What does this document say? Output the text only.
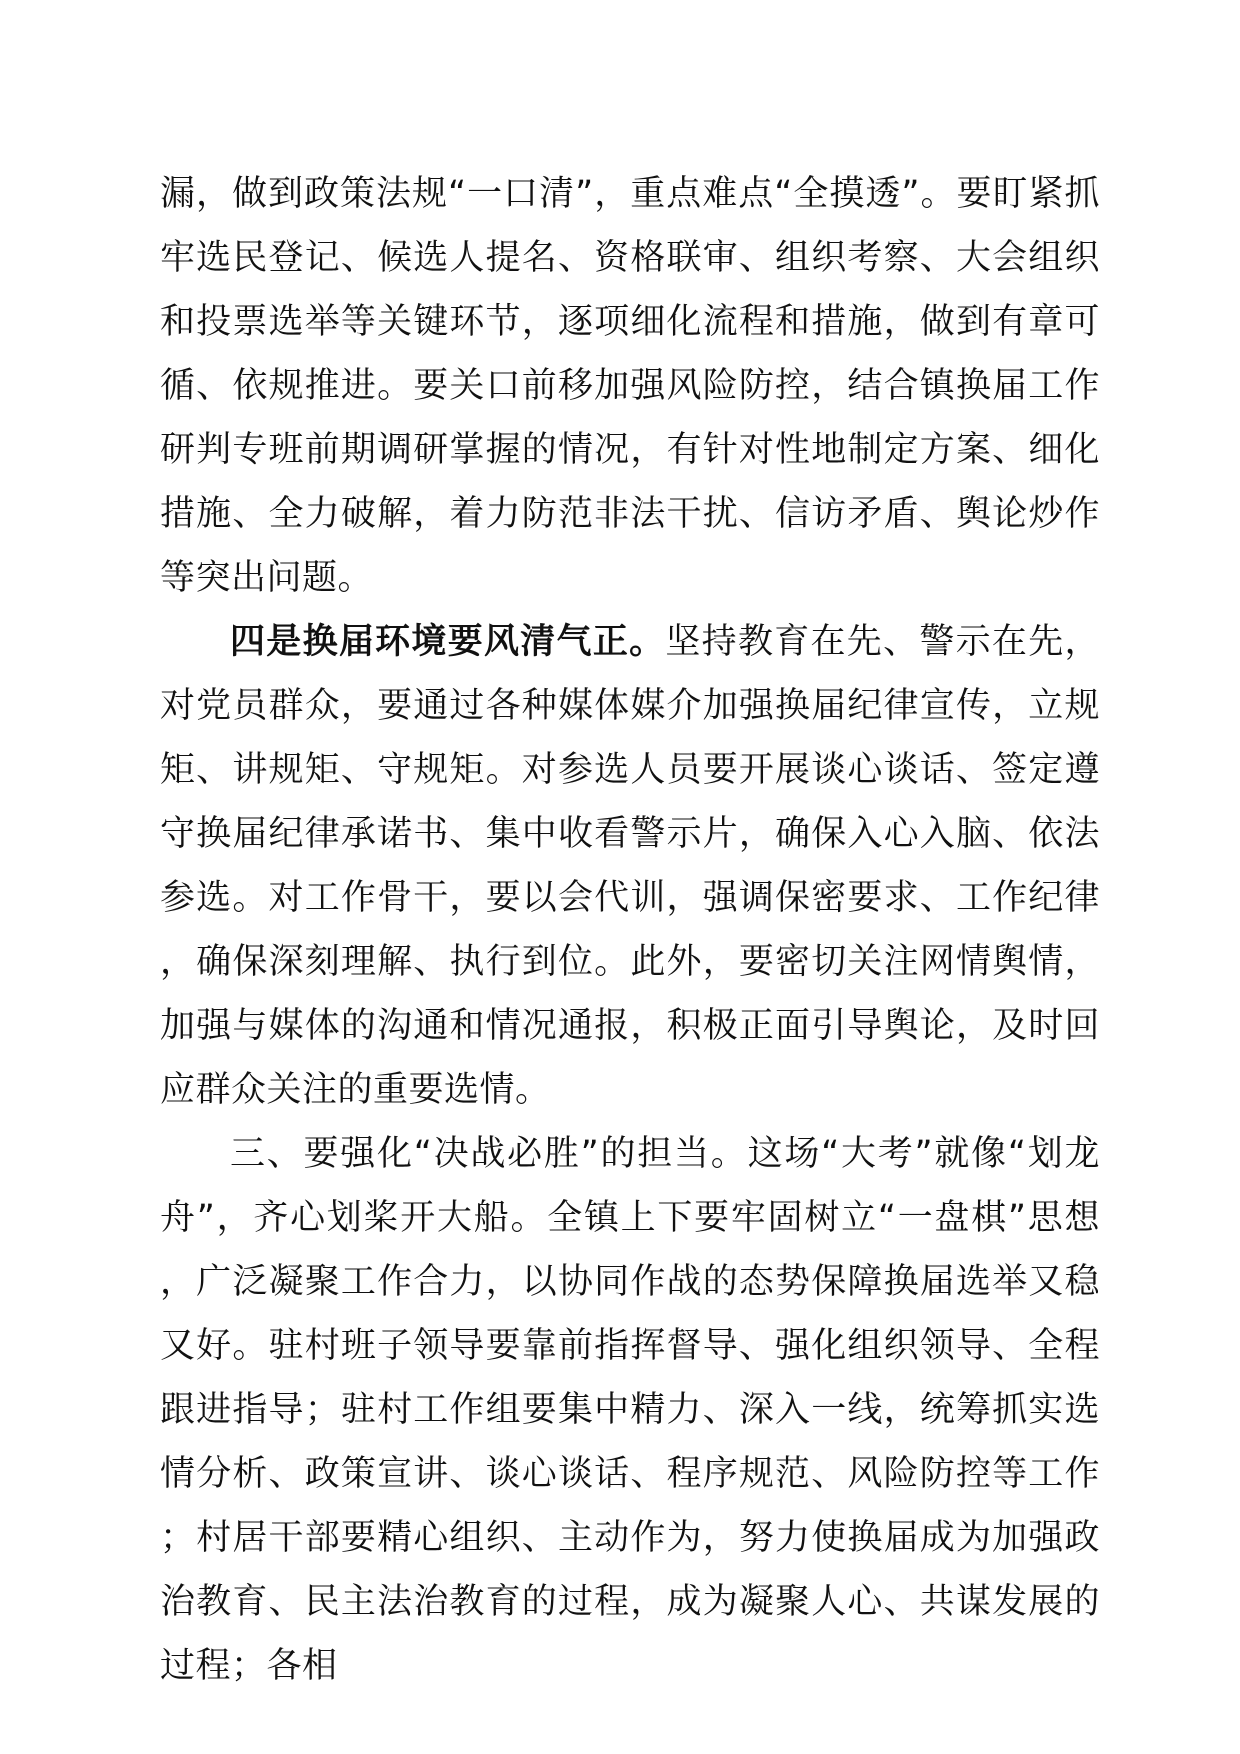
漏，做到政策法规“一口清”，重点难点“全摸透”。要盯紧抓牢选民登记、候选人提名、资格联审、组织考察、大会组织和投票选举等关键环节，逐项细化流程和措施，做到有章可循、依规推进。要关口前移加强风险防控，结合镇换届工作研判专班前期调研掌握的情况，有针对性地制定方案、细化措施、全力破解，着力防范非法干扰、信访矛盾、舆论炒作等突出问题。

四是换届环境要风清气正。坚持教育在先、警示在先，对党员群众，要通过各种媒体媒介加强换届纪律宣传，立规矩、讲规矩、守规矩。对参选人员要开展谈心谈话、签定遵守换届纪律承诺书、集中收看警示片，确保入心入脑、依法参选。对工作骨干，要以会代训，强调保密要求、工作纪律，确保深刻理解、执行到位。此外，要密切关注网情舆情，加强与媒体的沟通和情况通报，积极正面引导舆论，及时回应群众关注的重要选情。

三、要强化“决战必胜”的担当。这场“大考”就像“划龙舟”，齐心划桨开大船。全镇上下要牢固树立“一盘棋”思想，广泛凝聚工作合力，以协同作战的态势保障换届选举又稳又好。驻村班子领导要靠前指挥督导、强化组织领导、全程跟进指导；驻村工作组要集中精力、深入一线，统筹抓实选情分析、政策宣讲、谈心谈话、程序规范、风险防控等工作；村居干部要精心组织、主动作为，努力使换届成为加强政治教育、民主法治教育的过程，成为凝聚人心、共谋发展的过程；各相
